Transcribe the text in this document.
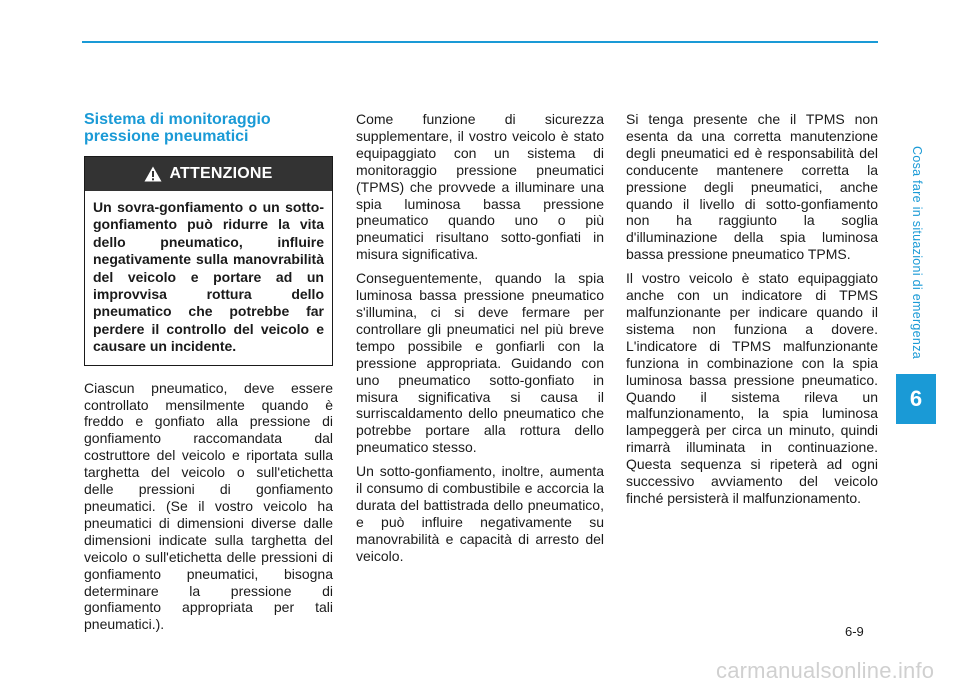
Cosa fare in situazioni di emergenza
6
Sistema di monitoraggio pressione pneumatici
ATTENZIONE
Un sovra-gonfiamento o un sotto-gonfiamento può ridurre la vita dello pneumatico, influire negativamente sulla manovrabilità del veicolo e portare ad un improvvisa rottura dello pneumatico che potrebbe far perdere il controllo del veicolo e causare un incidente.

Ciascun pneumatico, deve essere controllato mensilmente quando è freddo e gonfiato alla pressione di gonfiamento raccomandata dal costruttore del veicolo e riportata sulla targhetta del veicolo o sull'etichetta delle pressioni di gonfiamento pneumatici. (Se il vostro veicolo ha pneumatici di dimensioni diverse dalle dimensioni indicate sulla targhetta del veicolo o sull'etichetta delle pressioni di gonfiamento pneumatici, bisogna determinare la pressione di gonfiamento appropriata per tali pneumatici.).

Come funzione di sicurezza supplementare, il vostro veicolo è stato equipaggiato con un sistema di monitoraggio pressione pneumatici (TPMS) che provvede a illuminare una spia luminosa bassa pressione pneumatico quando uno o più pneumatici risultano sotto-gonfiati in misura significativa.

Conseguentemente, quando la spia luminosa bassa pressione pneumatico s'illumina, ci si deve fermare per controllare gli pneumatici nel più breve tempo possibile e gonfiarli con la pressione appropriata. Guidando con uno pneumatico sotto-gonfiato in misura significativa si causa il surriscaldamento dello pneumatico che potrebbe portare alla rottura dello pneumatico stesso.

Un sotto-gonfiamento, inoltre, aumenta il consumo di combustibile e accorcia la durata del battistrada dello pneumatico, e può influire negativamente su manovrabilità e capacità di arresto del veicolo.

Si tenga presente che il TPMS non esenta da una corretta manutenzione degli pneumatici ed è responsabilità del conducente mantenere corretta la pressione degli pneumatici, anche quando il livello di sotto-gonfiamento non ha raggiunto la soglia d'illuminazione della spia luminosa bassa pressione pneumatico TPMS.

Il vostro veicolo è stato equipaggiato anche con un indicatore di TPMS malfunzionante per indicare quando il sistema non funziona a dovere. L'indicatore di TPMS malfunzionante funziona in combinazione con la spia luminosa bassa pressione pneumatico. Quando il sistema rileva un malfunzionamento, la spia luminosa lampeggerà per circa un minuto, quindi rimarrà illuminata in continuazione. Questa sequenza si ripeterà ad ogni successivo avviamento del veicolo finché persisterà il malfunzionamento.

6-9
carmanualsonline.info
